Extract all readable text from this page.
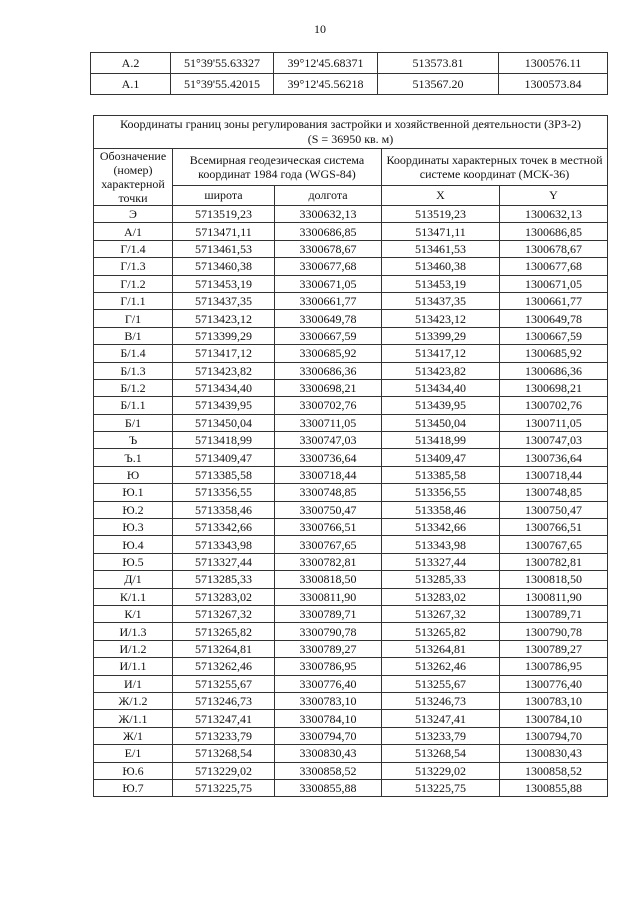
10
А.2	51°39'55.63327	39°12'45.68371	513573.81	1300576.11
А.1	51°39'55.42015	39°12'45.56218	513567.20	1300573.84
Координаты границ зоны регулирования застройки и хозяйственной деятельности (ЗРЗ-2)
(S = 36950 кв. м)				

Обозначение (номер) характерной точки	Всемирная геодезическая система координат 1984 года (WGS-84)		Координаты характерных точек в местной системе координат (МСК-36)	
	широта	долгота	X	Y
Э	5713519,23	3300632,13	513519,23	1300632,13
А/1	5713471,11	3300686,85	513471,11	1300686,85
Г/1.4	5713461,53	3300678,67	513461,53	1300678,67
Г/1.3	5713460,38	3300677,68	513460,38	1300677,68
Г/1.2	5713453,19	3300671,05	513453,19	1300671,05
Г/1.1	5713437,35	3300661,77	513437,35	1300661,77
Г/1	5713423,12	3300649,78	513423,12	1300649,78
В/1	5713399,29	3300667,59	513399,29	1300667,59
Б/1.4	5713417,12	3300685,92	513417,12	1300685,92
Б/1.3	5713423,82	3300686,36	513423,82	1300686,36
Б/1.2	5713434,40	3300698,21	513434,40	1300698,21
Б/1.1	5713439,95	3300702,76	513439,95	1300702,76
Б/1	5713450,04	3300711,05	513450,04	1300711,05
Ъ	5713418,99	3300747,03	513418,99	1300747,03
Ъ.1	5713409,47	3300736,64	513409,47	1300736,64
Ю	5713385,58	3300718,44	513385,58	1300718,44
Ю.1	5713356,55	3300748,85	513356,55	1300748,85
Ю.2	5713358,46	3300750,47	513358,46	1300750,47
Ю.3	5713342,66	3300766,51	513342,66	1300766,51
Ю.4	5713343,98	3300767,65	513343,98	1300767,65
Ю.5	5713327,44	3300782,81	513327,44	1300782,81
Д/1	5713285,33	3300818,50	513285,33	1300818,50
К/1.1	5713283,02	3300811,90	513283,02	1300811,90
К/1	5713267,32	3300789,71	513267,32	1300789,71
И/1.3	5713265,82	3300790,78	513265,82	1300790,78
И/1.2	5713264,81	3300789,27	513264,81	1300789,27
И/1.1	5713262,46	3300786,95	513262,46	1300786,95
И/1	5713255,67	3300776,40	513255,67	1300776,40
Ж/1.2	5713246,73	3300783,10	513246,73	1300783,10
Ж/1.1	5713247,41	3300784,10	513247,41	1300784,10
Ж/1	5713233,79	3300794,70	513233,79	1300794,70
Е/1	5713268,54	3300830,43	513268,54	1300830,43
Ю.6	5713229,02	3300858,52	513229,02	1300858,52
Ю.7	5713225,75	3300855,88	513225,75	1300855,88
